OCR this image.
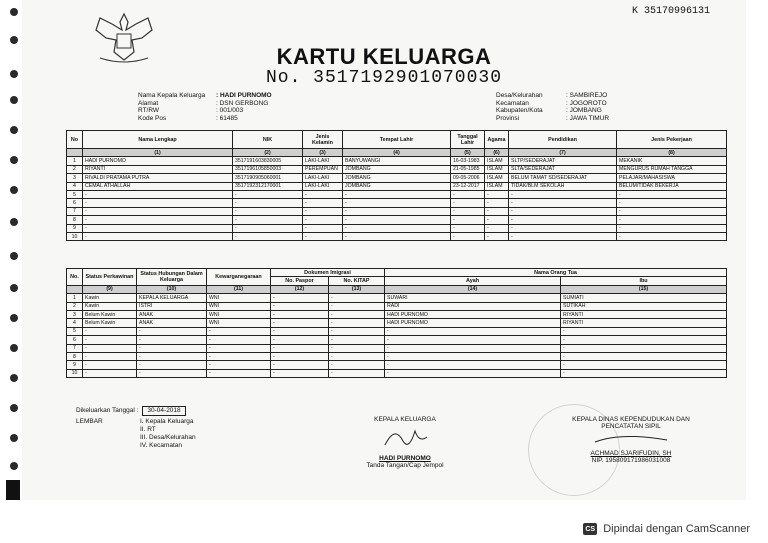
K 35170996131
KARTU KELUARGA
No. 3517192901070030
Nama Kepala Keluarga	: HADI PURNOMO
Alamat	: DSN GERBONG
RT/RW	: 001/003
Kode Pos	: 61485
Desa/Kelurahan	: SAMBIREJO
Kecamatan	: JOGOROTO
Kabupaten/Kota	: JOMBANG
Provinsi	: JAWA TIMUR
No	Nama Lengkap	NIK	Jenis Kelamin	Tempat Lahir	Tanggal Lahir	Agama	Pendidikan	Jenis Pekerjaan
	(1)	(2)	(3)	(4)	(5)	(6)	(7)	(8)
1	HADI PURNOMO	3517191603830005	LAKI-LAKI	BANYUWANGI	16-03-1983	ISLAM	SLTP/SEDERAJAT	MEKANIK
2	RIYANTI	3517196105850003	PEREMPUAN	JOMBANG	21-05-1985	ISLAM	SLTA/SEDERAJAT	MENGURUS RUMAH TANGGA
3	RIVALDI PRATAMA PUTRA	3517190905060001	LAKI-LAKI	JOMBANG	09-05-2006	ISLAM	BELUM TAMAT SD/SEDERAJAT	PELAJAR/MAHASISWA
4	CEMAL ATHALLAH	3517192312170001	LAKI-LAKI	JOMBANG	23-12-2017	ISLAM	TIDAK/BLM SEKOLAH	BELUM/TIDAK BEKERJA
5	-	-	-	-	-	-	-	-
6	-	-	-	-	-	-	-	-
7	-	-	-	-	-	-	-	-
8	-	-	-	-	-	-	-	-
9	-	-	-	-	-	-	-	-
10	-	-	-	-	-	-	-	-
No.	Status Perkawinan	Status Hubungan Dalam Keluarga	Kewarganegaraan	Dokumen Imigrasi		Nama Orang Tua	
				No. Paspor	No. KITAP	Ayah	Ibu
	(9)	(10)	(11)	(12)	(13)	(14)	(15)
1	Kawin	KEPALA KELUARGA	WNI	-	-	SUWARI	SUMIATI
2	Kawin	ISTRI	WNI	-	-	RADI	SUTIKAH
3	Belum Kawin	ANAK	WNI	-	-	HADI PURNOMO	RIYANTI
4	Belum Kawin	ANAK	WNI	-	-	HADI PURNOMO	RIYANTI
5	-	-	-	-	-	-	-
6	-	-	-	-	-	-	-
7	-	-	-	-	-	-	-
8	-	-	-	-	-	-	-
9	-	-	-	-	-	-	-
10	-	-	-	-	-	-	-
Dikeluarkan Tanggal : 30-04-2018
LEMBAR	I. Kepala Keluarga
II. RT
III. Desa/Kelurahan
IV. Kecamatan
KEPALA KELUARGA
HADI PURNOMO
Tanda Tangan/Cap Jempol
KEPALA DINAS KEPENDUDUKAN DAN PENCATATAN SIPIL
ACHMAD SJARIFUDIN, SH
NIP. 195809171986031008
CS Dipindai dengan CamScanner
